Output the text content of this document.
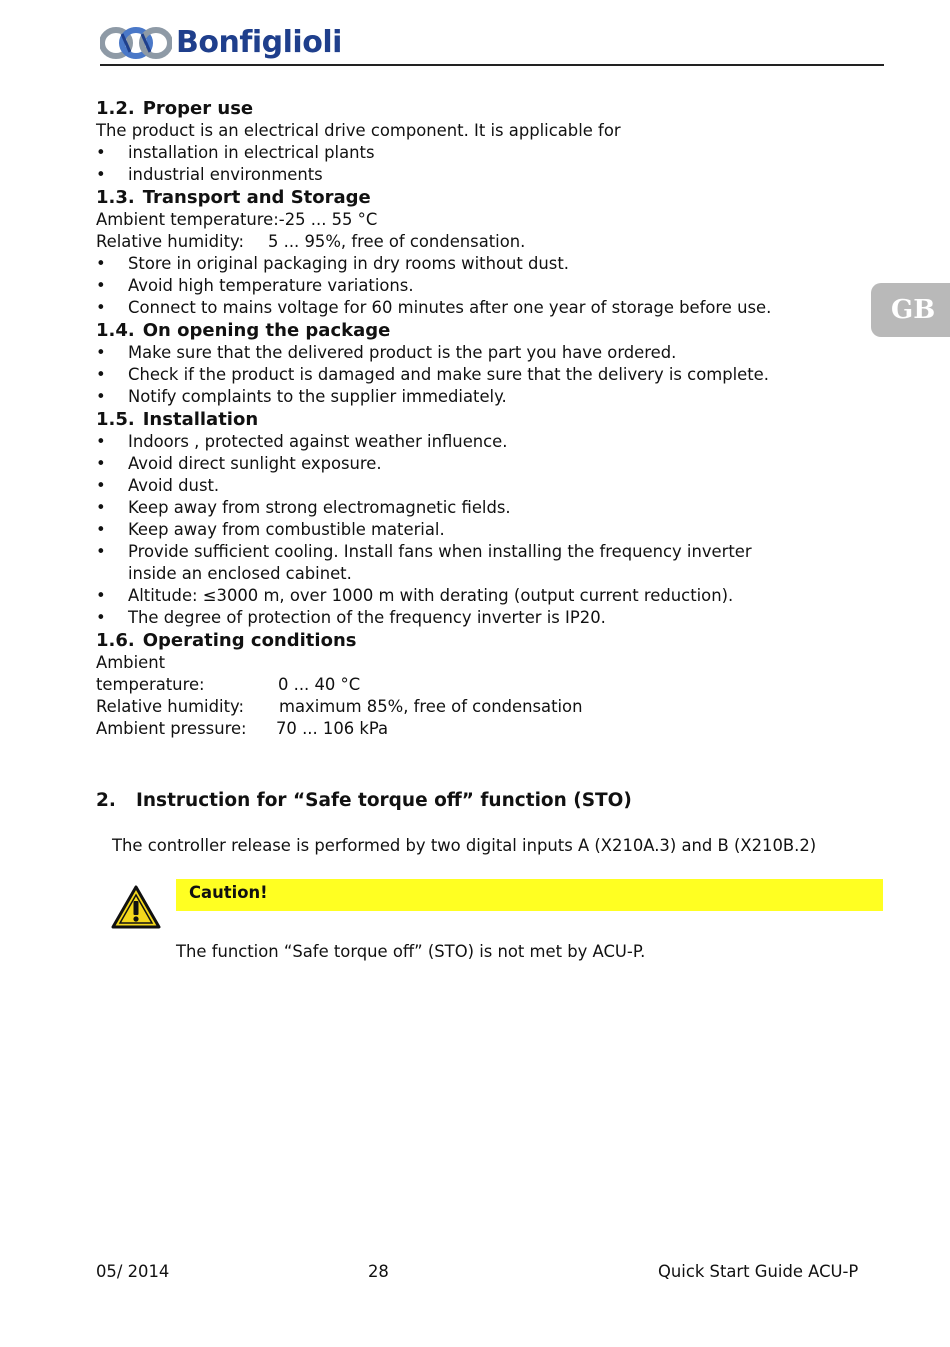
Bonfiglioli
GB
1.2. Proper use

The product is an electrical drive component. It is applicable for

• installation in electrical plants
• industrial environments
1.3. Transport and Storage

Ambient temperature:-25 ... 55 °C

Relative humidity: 5 ... 95%, free of condensation.

• Store in original packaging in dry rooms without dust.
• Avoid high temperature variations.
• Connect to mains voltage for 60 minutes after one year of storage before use.
1.4. On opening the package
• Make sure that the delivered product is the part you have ordered.
• Check if the product is damaged and make sure that the delivery is complete.
• Notify complaints to the supplier immediately.
1.5. Installation
• Indoors , protected against weather influence.
• Avoid direct sunlight exposure.
• Avoid dust.
• Keep away from strong electromagnetic fields.
• Keep away from combustible material.
• Provide sufficient cooling. Install fans when installing the frequency inverter inside an enclosed cabinet.
• Altitude: ≤3000 m, over 1000 m with derating (output current reduction).
• The degree of protection of the frequency inverter is IP20.
1.6. Operating conditions

Ambient temperature:	0 ... 40 °C

Relative humidity: maximum 85%, free of condensation

Ambient pressure: 70 ... 106 kPa

2. Instruction for “Safe torque off” function (STO)
The controller release is performed by two digital inputs A (X210A.3) and B (X210B.2)
Caution!
The function “Safe torque off” (STO) is not met by ACU-P.
05/ 2014	28	Quick Start Guide ACU-P
